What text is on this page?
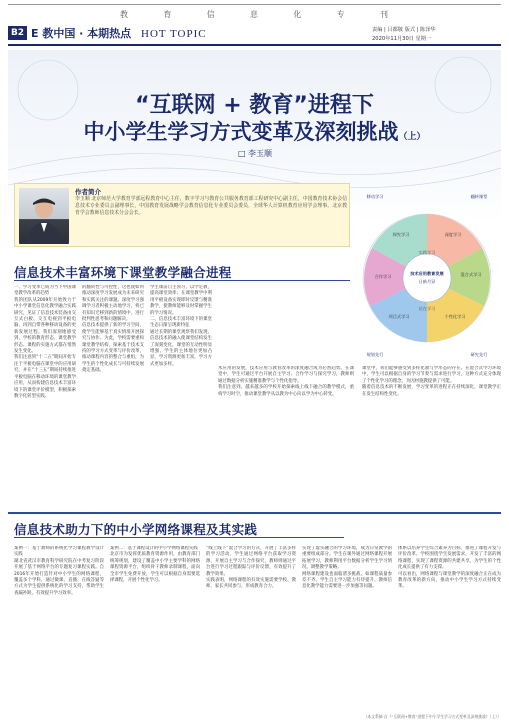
教	育	信	息	化	专	刊
B2 E 教中国 · 本期热点 HOT TOPIC	责编 | 吕都敬 版式 | 陈泽华
2020年11月30日 星期一
“互联网 + 教育”进程下
中小学生学习方式变革及深刻挑战（上）
□ 李玉顺
作者简介
李玉顺 北京师范大学教育学部远程教育中心主任，数字学习与教育公共服务教育部工程研究中心副主任，中国教育技术协会信息技术专业委员会副理事长，中国教育发展战略学会教育信息化专业委员会委员，全球华人计算机教育应用学会理事，北京教育学会教师信息技术分会会长。
技术应用教育发展
日新月异
深度学习
混合式学习
个性化学习
项目式学习
合作学习
探究学习
实践学习
泛在学习
移动学习	翻转课堂
规划先行	研究先行
信息技术丰富环境下课堂教学融合进程
一、学习变革已成为当下中国课堂教学改革的趋势
我的团队从2009年开始致力于中小学课堂信息化教学融合实践研究，见证了信息技术装备由交互式白板、交互电视到平板电脑、再到自带各种移动设备的更新发展过程。我们深刻地感受到，学校的教育形态、课堂教学形态、课程的实施方式都在悄然发生变化。
我们注意到“十二五”期间开始专注于平板电脑在课堂中的应用研究，并在“十三五”期间持续推进平板电脑在移动环境的课堂教学应用，从而构建信息技术丰富环境下的课堂评价模型，积极探索数字化转型实践。
的翻转性与可控性，这也使如何推动深度学习发展成为未来研究和实践关注的课题。深度学习强调学习者积极主动地学习，将已有知识迁移到新的情境中，进行批判性思考和问题解决。
信息技术提供了新的学习空间，使学生能够基于真实情境开展探究与协作。为此，学校需要重构课堂教学结构，探索基于技术支持的学习方式变革与评价改革，推动课程内容的整合与重组，为学生的个性化成长与可持续发展奠定基础。
学生课前自主预习，以学定教，提高课堂效率；在课堂教学中利用平板设备实现即时反馈与精准教学，使教师能够及时掌握学生的学习情况。
二、信息技术丰富环境下的课堂生态日渐呈现新特征
通过长期的课堂观察我们发现，信息技术的融入使课堂结构发生了深刻变化，课堂的互动性明显增强，学生的主体地位更加凸显，学习资源更加丰富，学习方式更加多样。
术应用的发展，技术应用与教育改革的深度融合成为必然趋势。在课堂中，学生可通过平台开展自主学习、合作学习与探究学习，教师则通过数据分析实施精准教学与个性化指导。
我们注意到，越来越多的学校开始探索线上线下融合的教学模式，重构学习时空，推动课堂教学从以教为中心向以学为中心转变。
课堂中，我们能够感受到多样化教与学形态的存在。在混合式学习环境中，学生可以根据自身的学习节奏与需求进行学习，这种方式充分体现了个性化学习的理念，为因材施教提供了可能。
随着信息技术的不断发展，学习变革的进程正在持续深化，课堂教学正在发生结构性变化。
信息技术助力下的中小学网络课程及其实践
案例一：基于教师的系统化学习课程教学设计实践
湖北省武汉市教育科学研究院在中考复习阶段开展了基于网络平台的专题复习课程实践。自2016年开始打造针对中小学生的网络课程，覆盖多个学科，通过微课、直播、在线答疑等方式为学生提供系统化的学习支持，帮助学生查漏补缺，有效提升学习效率。
案例二：基于课程设计的中小学网络课程实践
北京市为发挥优质教育资源作用，由教育部门统筹规划，建设了覆盖中小学主要学科的网络课程资源平台，组织骨干教师录制课程，面向全市学生免费开放，学生可以根据自身需要选择课程，开展个性化学习。
“线上线下”混合学习的方式，开展了丰富多样的学习活动，学生通过网络平台获取学习资源，开展自主学习与合作探究，教师则通过平台进行学习过程跟踪与评价反馈，有效提升了教学效果。
实践表明，网络课程的有效实施需要学校、教师、家长共同参与，形成教育合力。
实现了虚实融合的学习环境，成为日常教学的重要组成部分。学生在课外通过网络课程开展拓展学习，教师利用平台数据分析学生学习情况，调整教学策略。
网络课程建设也面临诸多挑战，如课程质量参差不齐、学生自主学习能力有待提升、教师信息化教学能力需要进一步加强等问题。
体系以培养学生综合素养为目标，推进了课程开发与评价改革。学校围绕学生发展需求，开发了丰富的网络课程，实现了课程资源的共建共享，为学生的个性化成长提供了有力支撑。
可以看出，网络课程与课堂教学的深度融合正在成为教育改革的新方向，推动中小学生学习方式持续变革。
（本文系摘 自《“互联网+教育”进程下中小学生学习方式变革及深刻挑战》（上））
